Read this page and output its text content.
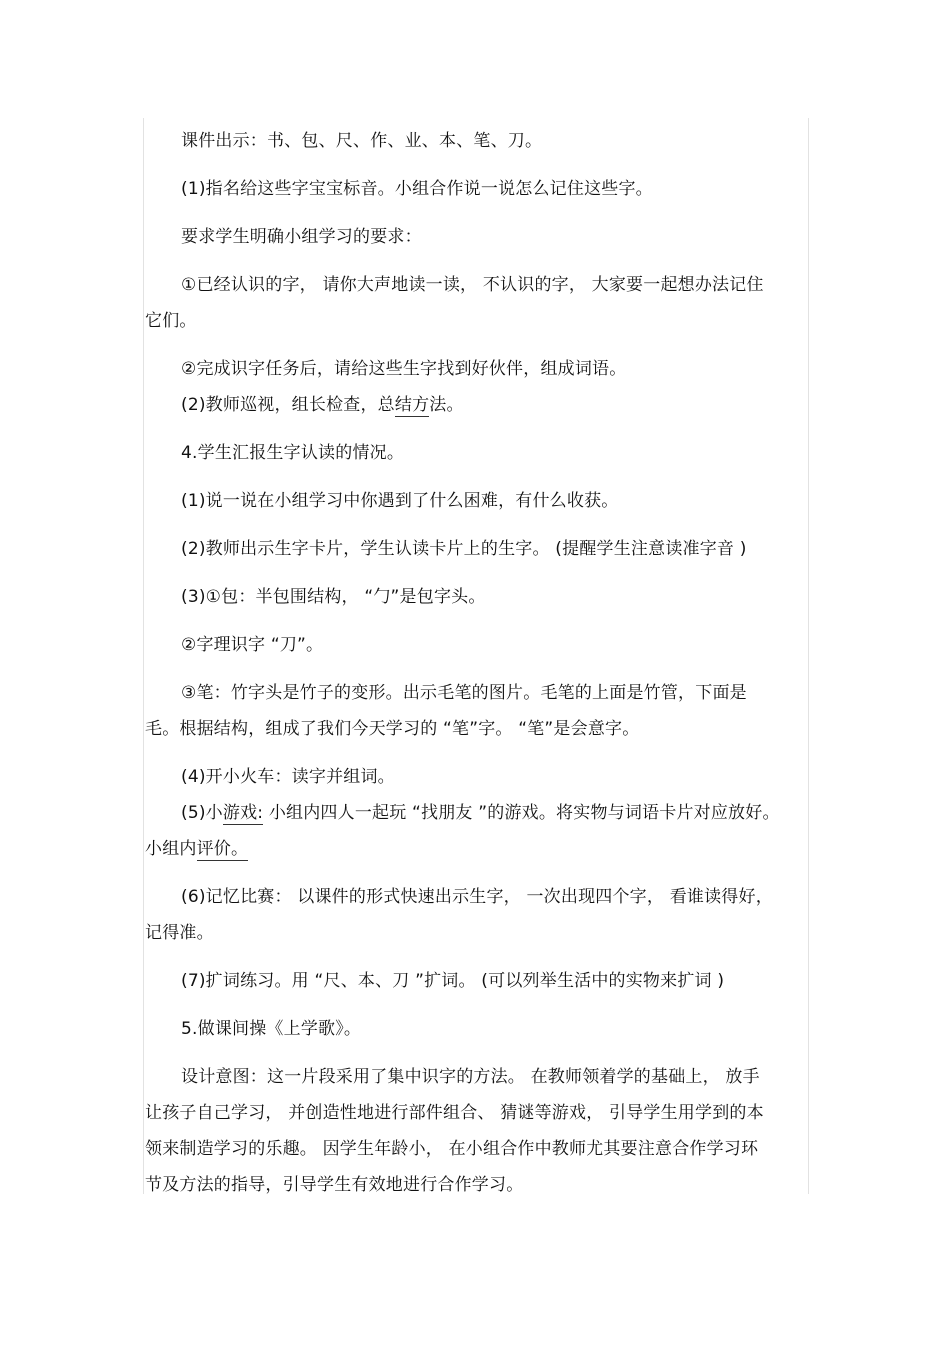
课件出示：书、包、尺、作、业、本、笔、刀。
(1)指名给这些字宝宝标音。小组合作说一说怎么记住这些字。
要求学生明确小组学习的要求：
①已经认识的字， 请你大声地读一读， 不认识的字， 大家要一起想办法记住
它们。
②完成识字任务后，请给这些生字找到好伙伴，组成词语。
(2)教师巡视，组长检查，总结方法。
4.学生汇报生字认读的情况。
(1)说一说在小组学习中你遇到了什么困难，有什么收获。
(2)教师出示生字卡片，学生认读卡片上的生字。 (提醒学生注意读准字音 )
(3)①包：半包围结构， “勹”是包字头。
②字理识字 “刀”。
③笔：竹字头是竹子的变形。出示毛笔的图片。毛笔的上面是竹管，下面是
毛。根据结构，组成了我们今天学习的 “笔”字。 “笔”是会意字。
(4)开小火车：读字并组词。
(5)小游戏: 小组内四人一起玩 “找朋友 ”的游戏。将实物与词语卡片对应放好。
小组内评价。
(6)记忆比赛： 以课件的形式快速出示生字， 一次出现四个字， 看谁读得好，
记得准。
(7)扩词练习。用 “尺、本、刀 ”扩词。 (可以列举生活中的实物来扩词 )
5.做课间操《上学歌》。
设计意图：这一片段采用了集中识字的方法。 在教师领着学的基础上， 放手
让孩子自己学习， 并创造性地进行部件组合、 猜谜等游戏， 引导学生用学到的本
领来制造学习的乐趣。 因学生年龄小， 在小组合作中教师尤其要注意合作学习环
节及方法的指导，引导学生有效地进行合作学习。
